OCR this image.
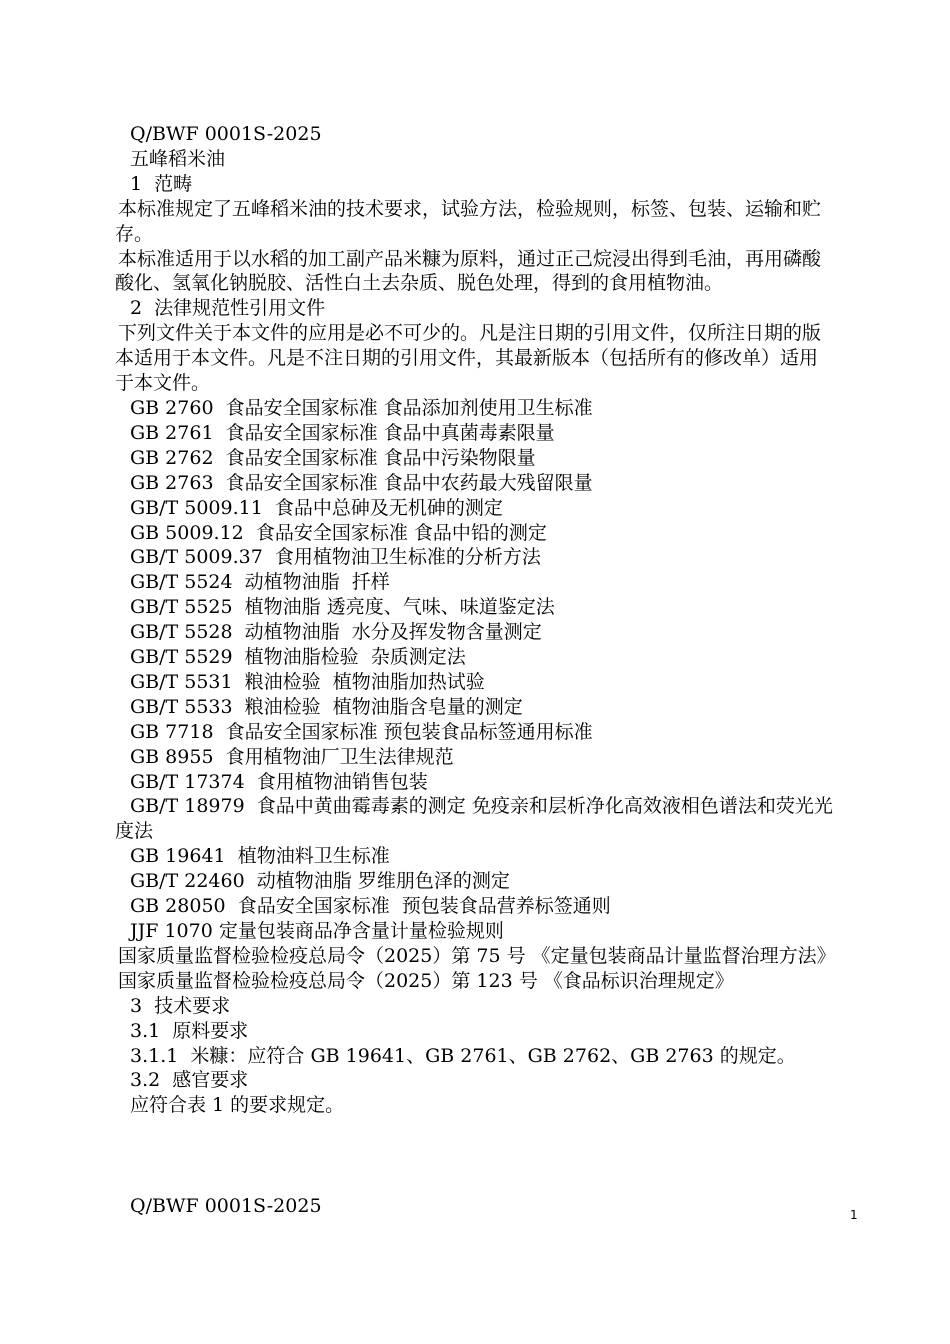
Q/BWF 0001S-2025
五峰稻米油
1  范畴
本标准规定了五峰稻米油的技术要求，试验方法，检验规则，标签、包装、运输和贮存。
本标准适用于以水稻的加工副产品米糠为原料，通过正己烷浸出得到毛油，再用磷酸酸化、氢氧化钠脱胶、活性白土去杂质、脱色处理，得到的食用植物油。
2  法律规范性引用文件
下列文件关于本文件的应用是必不可少的。凡是注日期的引用文件，仅所注日期的版本适用于本文件。凡是不注日期的引用文件，其最新版本（包括所有的修改单）适用于本文件。
GB 2760  食品安全国家标准 食品添加剂使用卫生标准
GB 2761  食品安全国家标准 食品中真菌毒素限量
GB 2762  食品安全国家标准 食品中污染物限量
GB 2763  食品安全国家标准 食品中农药最大残留限量
GB/T 5009.11  食品中总砷及无机砷的测定
GB 5009.12  食品安全国家标准 食品中铅的测定
GB/T 5009.37  食用植物油卫生标准的分析方法
GB/T 5524  动植物油脂  扦样
GB/T 5525  植物油脂 透亮度、气味、味道鉴定法
GB/T 5528  动植物油脂  水分及挥发物含量测定
GB/T 5529  植物油脂检验  杂质测定法
GB/T 5531  粮油检验  植物油脂加热试验
GB/T 5533  粮油检验  植物油脂含皂量的测定
GB 7718  食品安全国家标准 预包装食品标签通用标准
GB 8955  食用植物油厂卫生法律规范
GB/T 17374  食用植物油销售包装
GB/T 18979  食品中黄曲霉毒素的测定 免疫亲和层析净化高效液相色谱法和荧光光度法
GB 19641  植物油料卫生标准
GB/T 22460  动植物油脂 罗维朋色泽的测定
GB 28050  食品安全国家标准  预包装食品营养标签通则
JJF 1070 定量包装商品净含量计量检验规则
国家质量监督检验检疫总局令（2025）第 75 号 《定量包装商品计量监督治理方法》
国家质量监督检验检疫总局令（2025）第 123 号 《食品标识治理规定》
3  技术要求
3.1  原料要求
3.1.1  米糠：应符合 GB 19641、GB 2761、GB 2762、GB 2763 的规定。
3.2  感官要求
应符合表 1 的要求规定。
Q/BWF 0001S-2025	1
